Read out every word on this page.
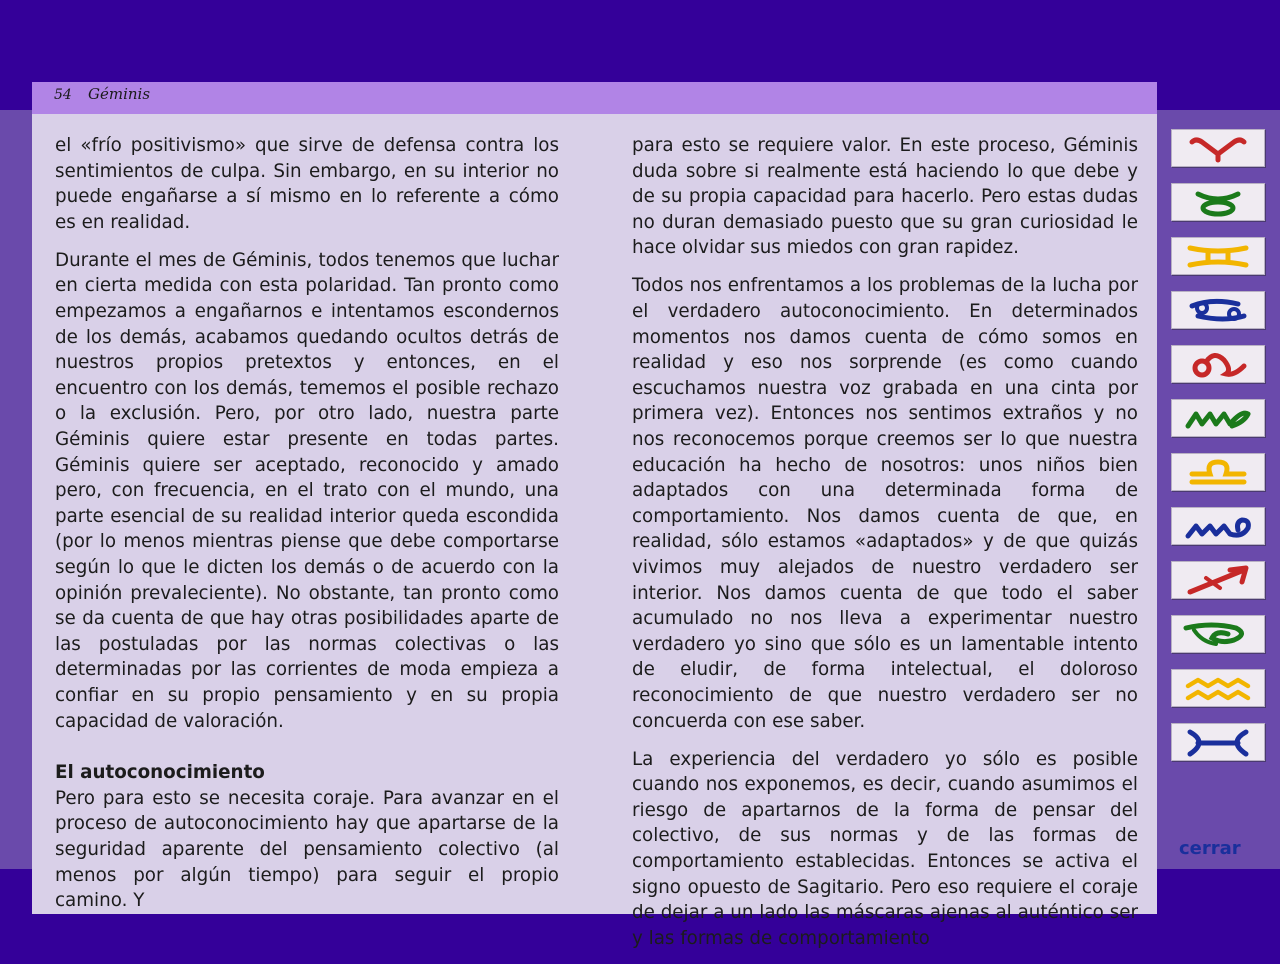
54 Géminis

el «frío positivismo» que sirve de defensa contra los sentimientos de culpa. Sin embargo, en su interior no puede engañarse a sí mismo en lo referente a cómo es en realidad.

Durante el mes de Géminis, todos tenemos que luchar en cierta medida con esta polaridad. Tan pronto como empezamos a engañarnos e intentamos escondernos de los demás, acabamos quedando ocultos detrás de nuestros propios pretextos y entonces, en el encuentro con los demás, tememos el posible rechazo o la exclusión. Pero, por otro lado, nuestra parte Géminis quiere estar presente en todas partes. Géminis quiere ser aceptado, reconocido y amado pero, con frecuencia, en el trato con el mundo, una parte esencial de su realidad interior queda escondida (por lo menos mientras piense que debe comportarse según lo que le dicten los demás o de acuerdo con la opinión prevaleciente). No obstante, tan pronto como se da cuenta de que hay otras posibilidades aparte de las postuladas por las normas colectivas o las determinadas por las corrientes de moda empieza a confiar en su propio pensamiento y en su propia capacidad de valoración.

El autoconocimiento

Pero para esto se necesita coraje. Para avanzar en el proceso de autoconocimiento hay que apartarse de la seguridad aparente del pensamiento colectivo (al menos por algún tiempo) para seguir el propio camino. Y

para esto se requiere valor. En este proceso, Géminis duda sobre si realmente está haciendo lo que debe y de su propia capacidad para hacerlo. Pero estas dudas no duran demasiado puesto que su gran curiosidad le hace olvidar sus miedos con gran rapidez.

Todos nos enfrentamos a los problemas de la lucha por el verdadero autoconocimiento. En determinados momentos nos damos cuenta de cómo somos en realidad y eso nos sorprende (es como cuando escuchamos nuestra voz grabada en una cinta por primera vez). Entonces nos sentimos extraños y no nos reconocemos porque creemos ser lo que nuestra educación ha hecho de nosotros: unos niños bien adaptados con una determinada forma de comportamiento. Nos damos cuenta de que, en realidad, sólo estamos «adaptados» y de que quizás vivimos muy alejados de nuestro verdadero ser interior. Nos damos cuenta de que todo el saber acumulado no nos lleva a experimentar nuestro verdadero yo sino que sólo es un lamentable intento de eludir, de forma intelectual, el doloroso reconocimiento de que nuestro verdadero ser no concuerda con ese saber.

La experiencia del verdadero yo sólo es posible cuando nos exponemos, es decir, cuando asumimos el riesgo de apartarnos de la forma de pensar del colectivo, de sus normas y de las formas de comportamiento establecidas. Entonces se activa el signo opuesto de Sagitario. Pero eso requiere el coraje de dejar a un lado las máscaras ajenas al auténtico ser y las formas de comportamiento

cerrar
